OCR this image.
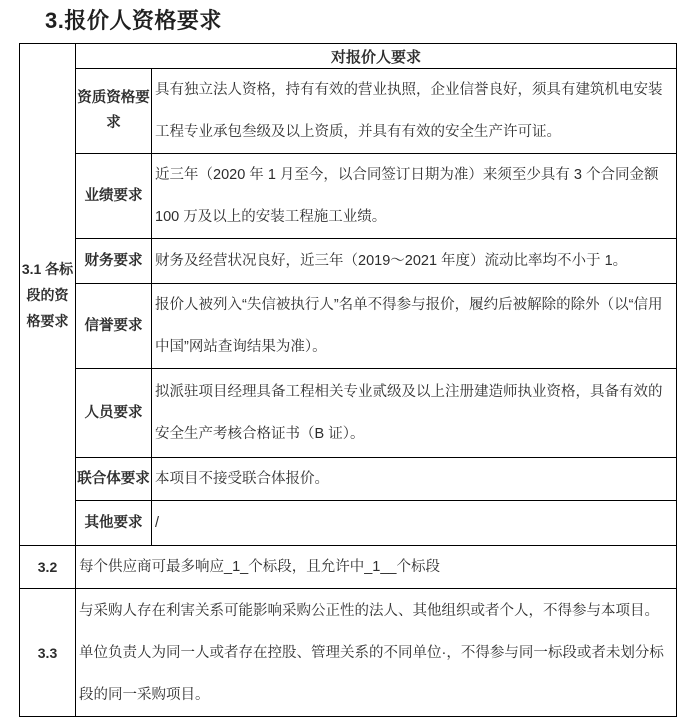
3.报价人资格要求
3.1 各标段的资格要求	对报价人要求	
	资质资格要求	具有独立法人资格，持有有效的营业执照，企业信誉良好，须具有建筑机电安装工程专业承包叁级及以上资质，并具有有效的安全生产许可证。
	业绩要求	近三年（2020 年 1 月至今，以合同签订日期为准）来须至少具有 3 个合同金额 100 万及以上的安装工程施工业绩。
	财务要求	财务及经营状况良好，近三年（2019～2021 年度）流动比率均不小于 1。
	信誉要求	报价人被列入“失信被执行人”名单不得参与报价，履约后被解除的除外（以“信用中国”网站查询结果为准）。
	人员要求	拟派驻项目经理具备工程相关专业贰级及以上注册建造师执业资格，具备有效的安全生产考核合格证书（B 证）。
	联合体要求	本项目不接受联合体报价。
	其他要求	/
3.2	每个供应商可最多响应_1_个标段，且允许中_1__个标段	
3.3	与采购人存在利害关系可能影响采购公正性的法人、其他组织或者个人，不得参与本项目。单位负责人为同一人或者存在控股、管理关系的不同单位·，不得参与同一标段或者未划分标段的同一采购项目。	
